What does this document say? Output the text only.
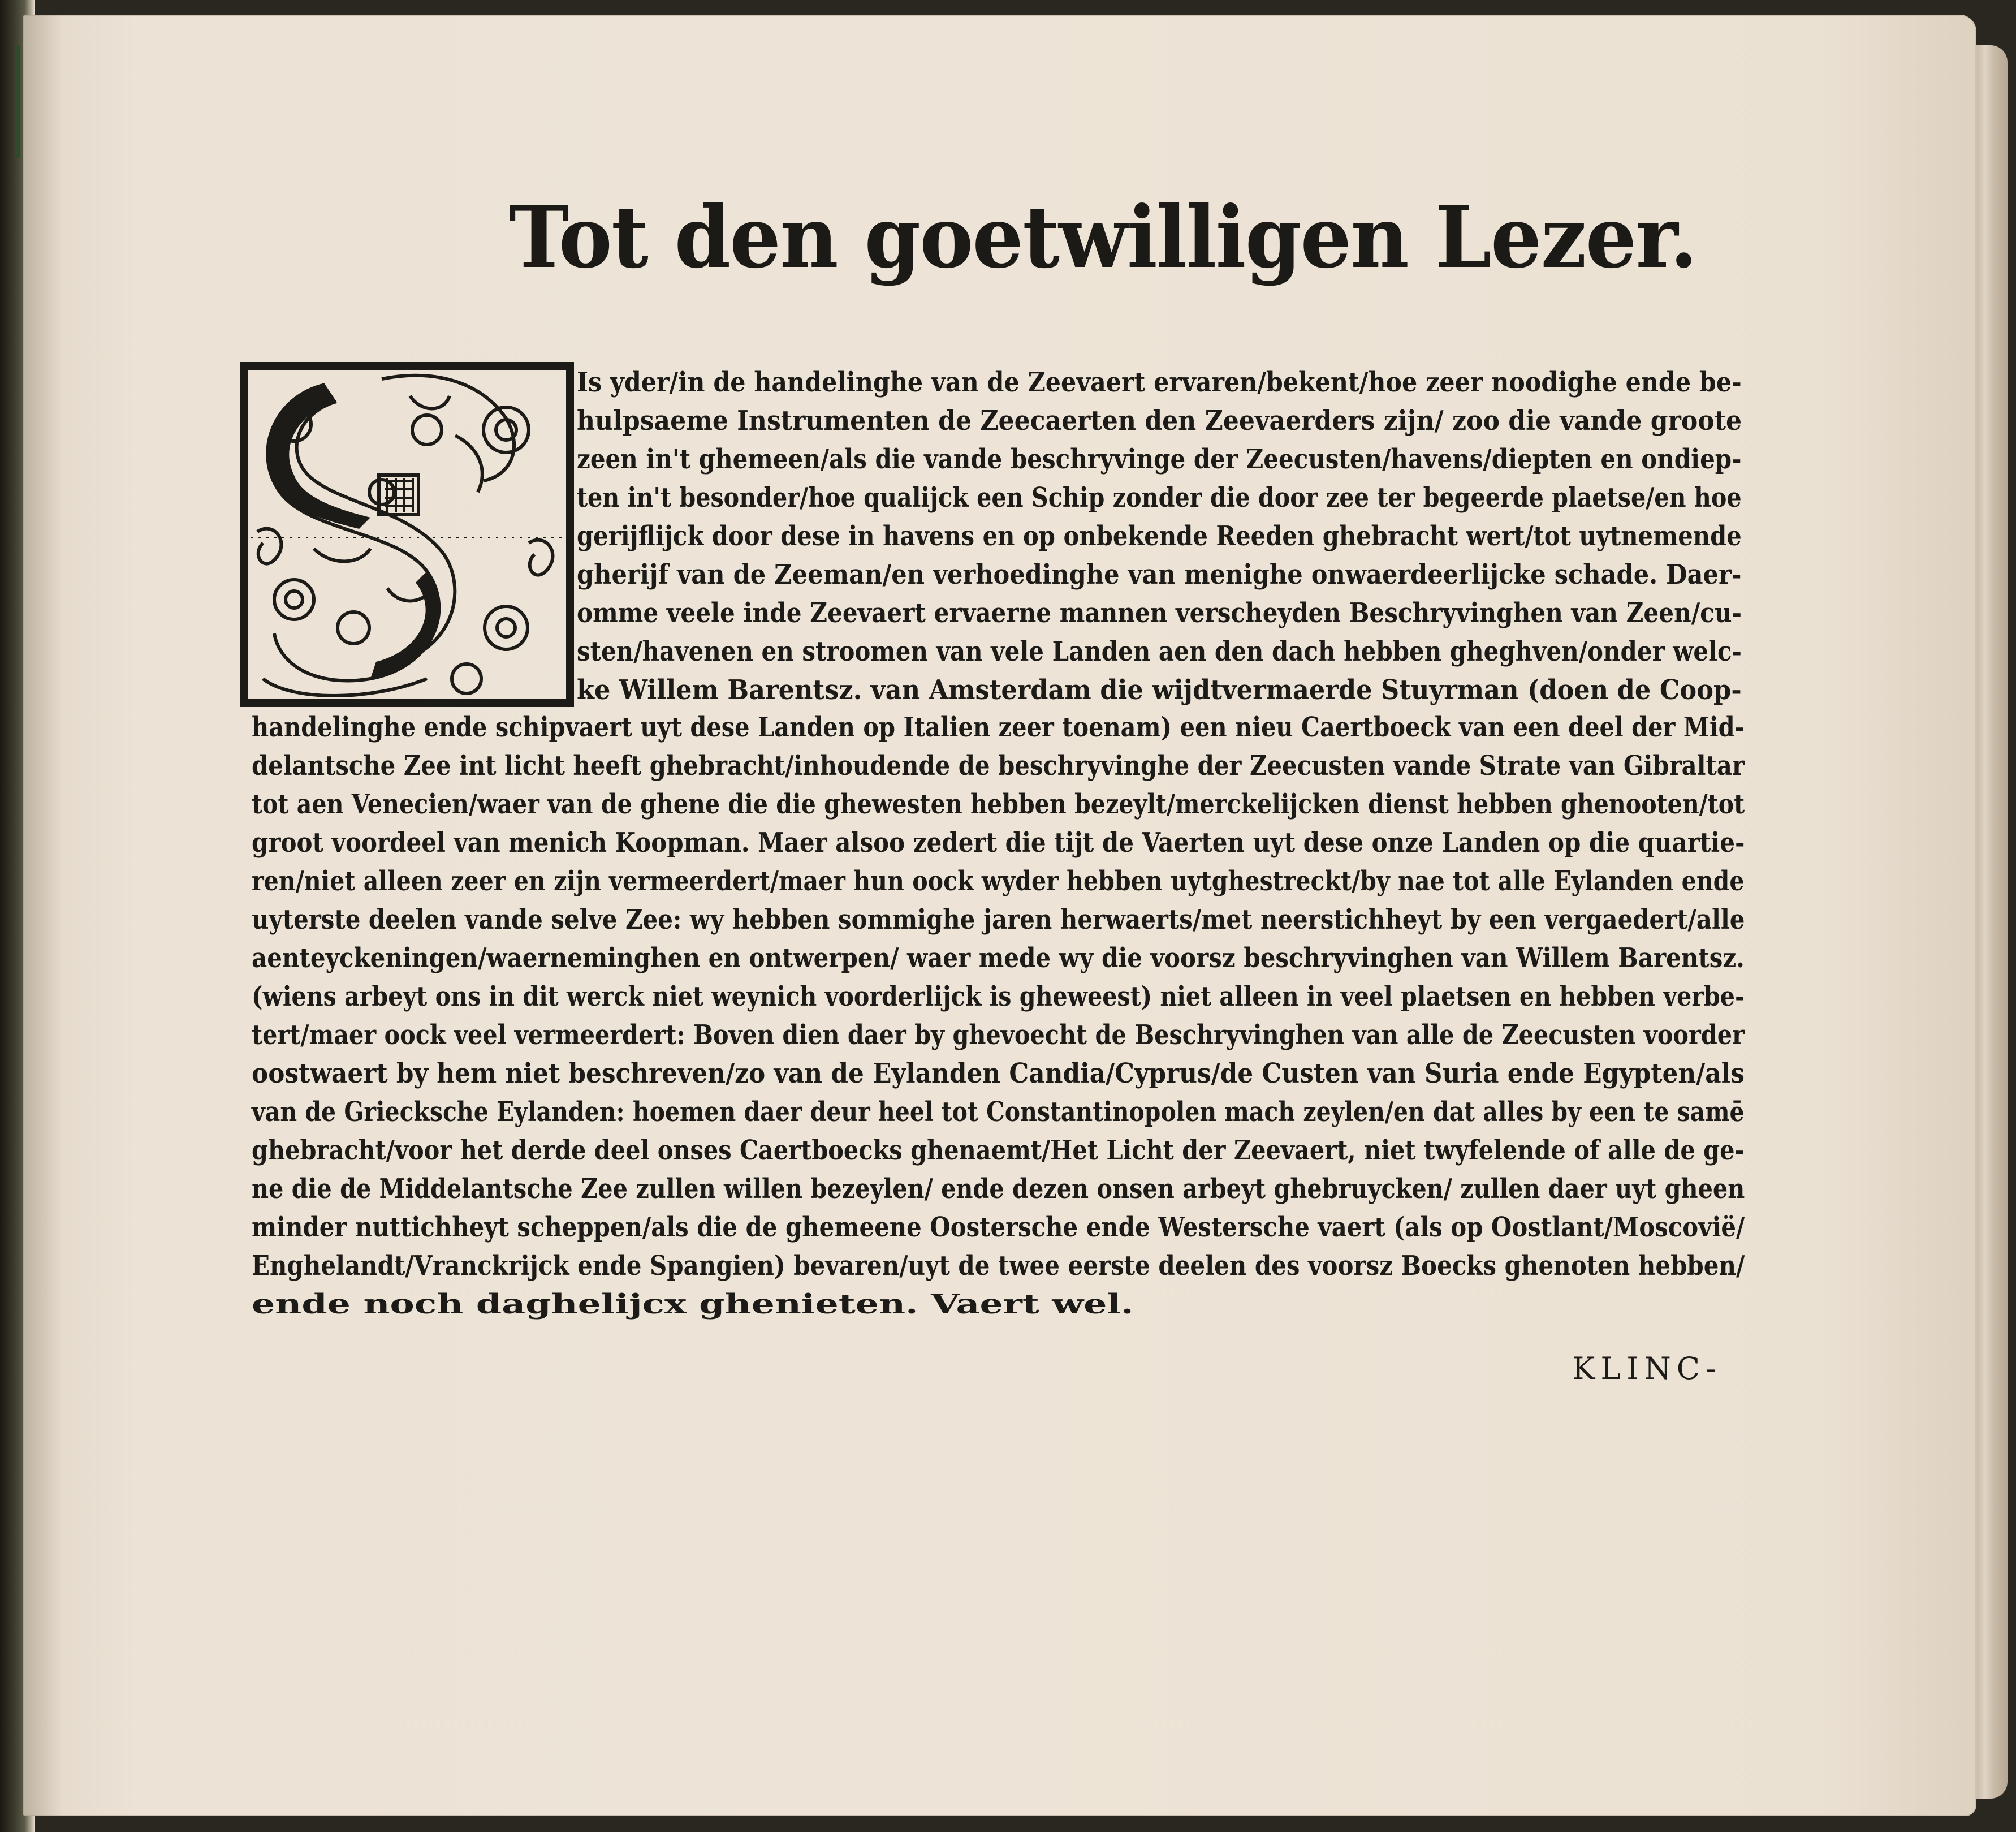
Tot den goetwilligen Lezer.
Is yder/in de handelinghe van de Zeevaert ervaren/bekent/hoe zeer noodighe ende be-
hulpsaeme Instrumenten de Zeecaerten den Zeevaerders zijn/ zoo die vande groote
zeen in't ghemeen/als die vande beschryvinge der Zeecusten/havens/diepten en ondiep-
ten in't besonder/hoe qualijck een Schip zonder die door zee ter begeerde plaetse/en hoe
gerijflijck door dese in havens en op onbekende Reeden ghebracht wert/tot uytnemende
gherijf van de Zeeman/en verhoedinghe van menighe onwaerdeerlijcke schade. Daer-
omme veele inde Zeevaert ervaerne mannen verscheyden Beschryvinghen van Zeen/cu-
sten/havenen en stroomen van vele Landen aen den dach hebben gheghven/onder welc-
ke Willem Barentsz. van Amsterdam die wijdtvermaerde Stuyrman (doen de Coop-
handelinghe ende schipvaert uyt dese Landen op Italien zeer toenam) een nieu Caertboeck van een deel der Mid-
delantsche Zee int licht heeft ghebracht/inhoudende de beschryvinghe der Zeecusten vande Strate van Gibraltar
tot aen Venecien/waer van de ghene die die ghewesten hebben bezeylt/merckelijcken dienst hebben ghenooten/tot
groot voordeel van menich Koopman. Maer alsoo zedert die tijt de Vaerten uyt dese onze Landen op die quartie-
ren/niet alleen zeer en zijn vermeerdert/maer hun oock wyder hebben uytghestreckt/by nae tot alle Eylanden ende
uyterste deelen vande selve Zee: wy hebben sommighe jaren herwaerts/met neerstichheyt by een vergaedert/alle
aenteyckeningen/waerneminghen en ontwerpen/ waer mede wy die voorsz beschryvinghen van Willem Barentsz.
(wiens arbeyt ons in dit werck niet weynich voorderlijck is gheweest) niet alleen in veel plaetsen en hebben verbe-
tert/maer oock veel vermeerdert: Boven dien daer by ghevoecht de Beschryvinghen van alle de Zeecusten voorder
oostwaert by hem niet beschreven/zo van de Eylanden Candia/Cyprus/de Custen van Suria ende Egypten/als
van de Griecksche Eylanden: hoemen daer deur heel tot Constantinopolen mach zeylen/en dat alles by een te samē
ghebracht/voor het derde deel onses Caertboecks ghenaemt/Het Licht der Zeevaert, niet twyfelende of alle de ge-
ne die de Middelantsche Zee zullen willen bezeylen/ ende dezen onsen arbeyt ghebruycken/ zullen daer uyt gheen
minder nuttichheyt scheppen/als die de ghemeene Oostersche ende Westersche vaert (als op Oostlant/Moscovië/
Enghelandt/Vranckrijck ende Spangien) bevaren/uyt de twee eerste deelen des voorsz Boecks ghenoten hebben/
ende noch daghelijcx ghenieten. Vaert wel.
KLINC-
